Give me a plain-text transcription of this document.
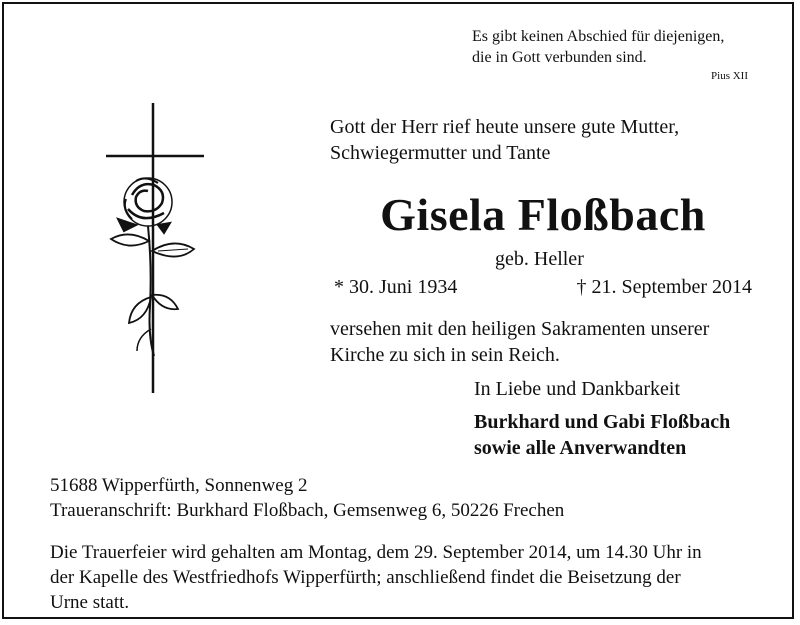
Es gibt keinen Abschied für diejenigen,
die in Gott verbunden sind.
Pius XII
Gott der Herr rief heute unsere gute Mutter,
Schwiegermutter und Tante
Gisela Floßbach
geb. Heller
* 30. Juni 1934	† 21. September 2014
versehen mit den heiligen Sakramenten unserer
Kirche zu sich in sein Reich.
In Liebe und Dankbarkeit
Burkhard und Gabi Floßbach
sowie alle Anverwandten
51688 Wipperfürth, Sonnenweg 2
Traueranschrift: Burkhard Floßbach, Gemsenweg 6, 50226 Frechen
Die Trauerfeier wird gehalten am Montag, dem 29. September 2014, um 14.30 Uhr in
der Kapelle des Westfriedhofs Wipperfürth; anschließend findet die Beisetzung der
Urne statt.
